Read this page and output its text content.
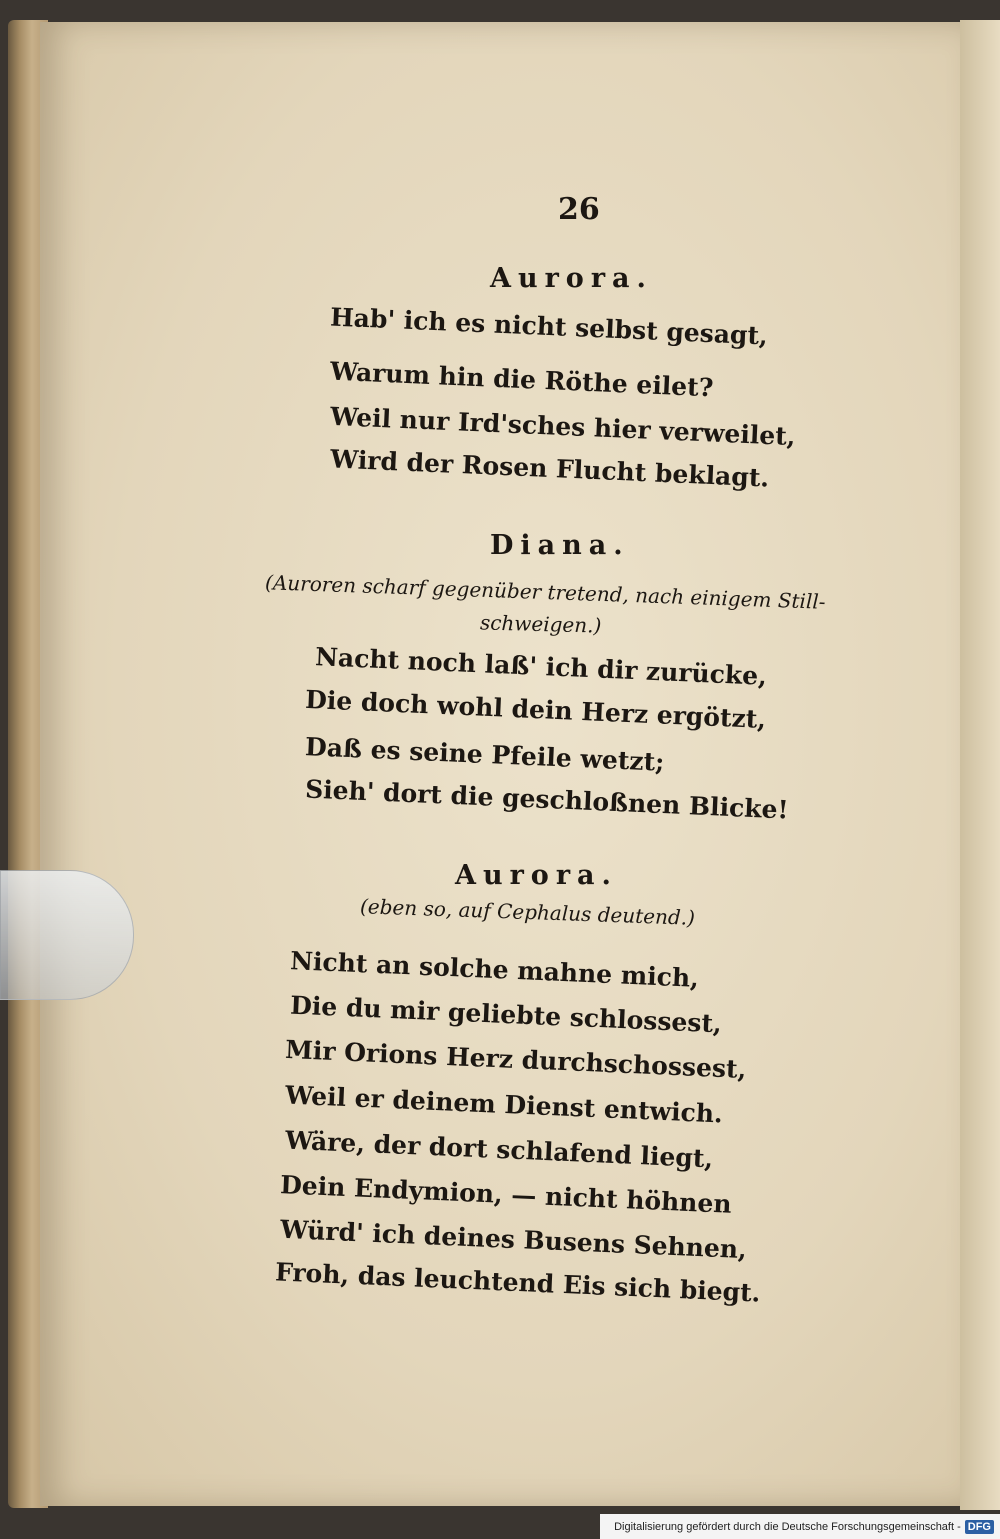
26
Aurora.
Hab' ich es nicht selbst gesagt,
Warum hin die Röthe eilet?
Weil nur Ird'sches hier verweilet,
Wird der Rosen Flucht beklagt.
Diana.
(Auroren scharf gegenüber tretend, nach einigem Still-
schweigen.)
Nacht noch laß' ich dir zurücke,
Die doch wohl dein Herz ergötzt,
Daß es seine Pfeile wetzt;
Sieh' dort die geschloßnen Blicke!
Aurora.
(eben so, auf Cephalus deutend.)
Nicht an solche mahne mich,
Die du mir geliebte schlossest,
Mir Orions Herz durchschossest,
Weil er deinem Dienst entwich.
Wäre, der dort schlafend liegt,
Dein Endymion, — nicht höhnen
Würd' ich deines Busens Sehnen,
Froh, das leuchtend Eis sich biegt.
Digitalisierung gefördert durch die Deutsche Forschungsgemeinschaft - DFG
